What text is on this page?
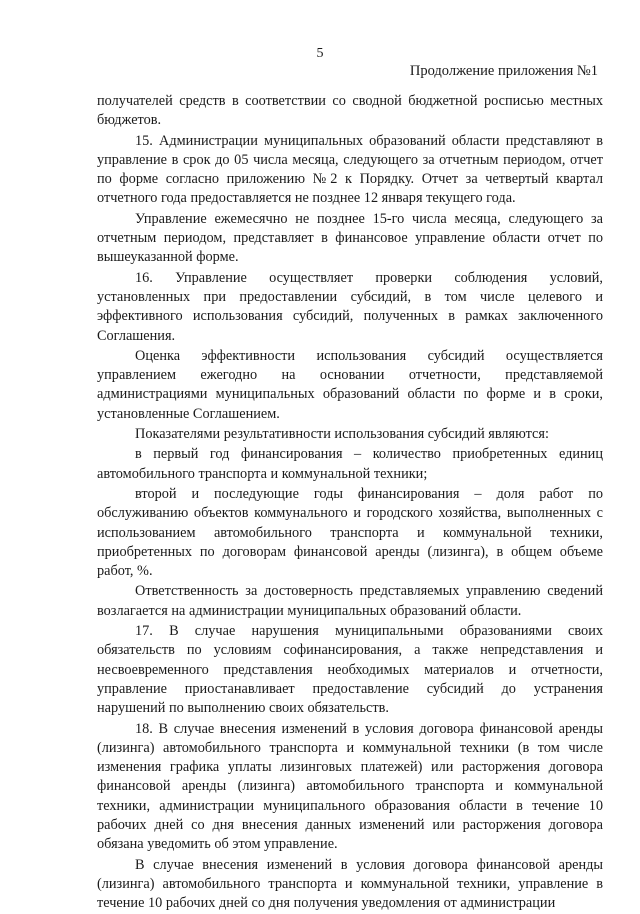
5
Продолжение приложения №1

получателей средств в соответствии со сводной бюджетной росписью местных бюджетов.

15. Администрации муниципальных образований области представляют в управление в срок до 05 числа месяца, следующего за отчетным периодом, отчет по форме согласно приложению №2 к Порядку. Отчет за четвертый квартал отчетного года предоставляется не позднее 12 января текущего года.

Управление ежемесячно не позднее 15-го числа месяца, следующего за отчетным периодом, представляет в финансовое управление области отчет по вышеуказанной форме.

16. Управление осуществляет проверки соблюдения условий, установленных при предоставлении субсидий, в том числе целевого и эффективного использования субсидий, полученных в рамках заключенного Соглашения.

Оценка эффективности использования субсидий осуществляется управлением ежегодно на основании отчетности, представляемой администрациями муниципальных образований области по форме и в сроки, установленные Соглашением.

Показателями результативности использования субсидий являются:

в первый год финансирования – количество приобретенных единиц автомобильного транспорта и коммунальной техники;

второй и последующие годы финансирования – доля работ по обслуживанию объектов коммунального и городского хозяйства, выполненных с использованием автомобильного транспорта и коммунальной техники, приобретенных по договорам финансовой аренды (лизинга), в общем объеме работ, %.

Ответственность за достоверность представляемых управлению сведений возлагается на администрации муниципальных образований области.

17. В случае нарушения муниципальными образованиями своих обязательств по условиям софинансирования, а также непредставления и несвоевременного представления необходимых материалов и отчетности, управление приостанавливает предоставление субсидий до устранения нарушений по выполнению своих обязательств.

18. В случае внесения изменений в условия договора финансовой аренды (лизинга) автомобильного транспорта и коммунальной техники (в том числе изменения графика уплаты лизинговых платежей) или расторжения договора финансовой аренды (лизинга) автомобильного транспорта и коммунальной техники, администрации муниципального образования области в течение 10 рабочих дней со дня внесения данных изменений или расторжения договора обязана уведомить об этом управление.

В случае внесения изменений в условия договора финансовой аренды (лизинга) автомобильного транспорта и коммунальной техники, управление в течение 10 рабочих дней со дня получения уведомления от администрации
